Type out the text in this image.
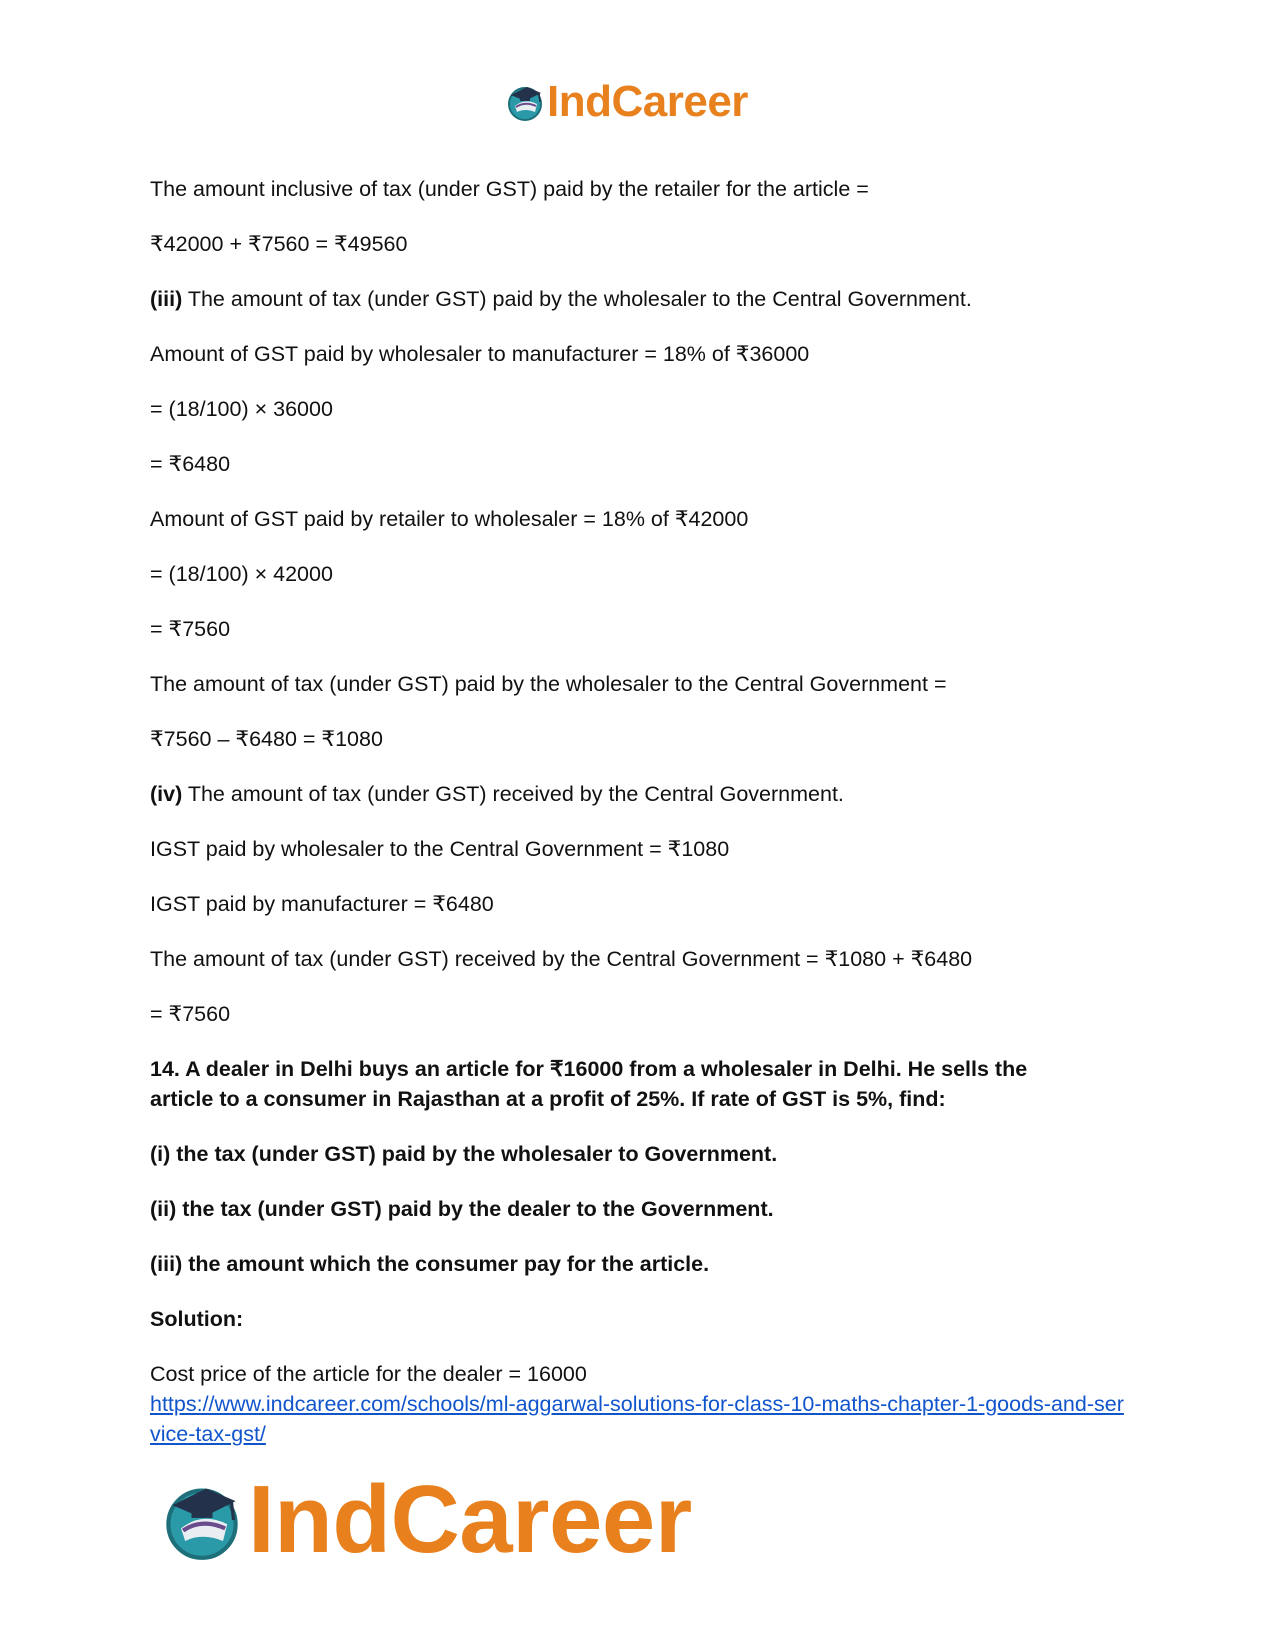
IndCareer

The amount inclusive of tax (under GST) paid by the retailer for the article =

₹42000 + ₹7560 = ₹49560

(iii) The amount of tax (under GST) paid by the wholesaler to the Central Government.

Amount of GST paid by wholesaler to manufacturer = 18% of ₹36000

= (18/100) × 36000

= ₹6480

Amount of GST paid by retailer to wholesaler = 18% of ₹42000

= (18/100) × 42000

= ₹7560

The amount of tax (under GST) paid by the wholesaler to the Central Government =

₹7560 – ₹6480 = ₹1080

(iv) The amount of tax (under GST) received by the Central Government.

IGST paid by wholesaler to the Central Government = ₹1080

IGST paid by manufacturer = ₹6480

The amount of tax (under GST) received by the Central Government = ₹1080 + ₹6480

= ₹7560

14. A dealer in Delhi buys an article for ₹16000 from a wholesaler in Delhi. He sells the article to a consumer in Rajasthan at a profit of 25%. If rate of GST is 5%, find:

(i) the tax (under GST) paid by the wholesaler to Government.

(ii) the tax (under GST) paid by the dealer to the Government.

(iii) the amount which the consumer pay for the article.

Solution:

Cost price of the article for the dealer = 16000

https://www.indcareer.com/schools/ml-aggarwal-solutions-for-class-10-maths-chapter-1-goods-and-service-tax-gst/
IndCareer
